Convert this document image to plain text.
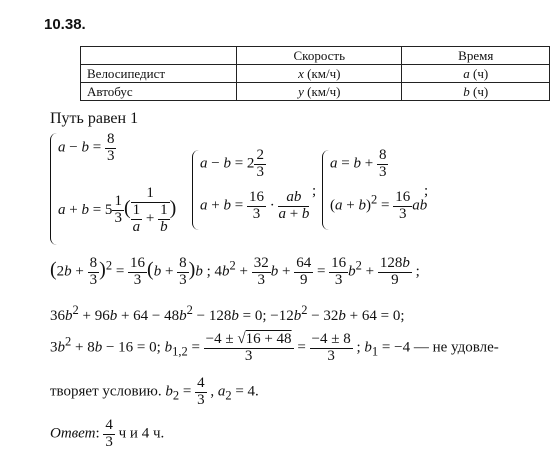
10.38.
	Скорость	Время
Велосипедист	x (км/ч)	a (ч)
Автобус	y (км/ч)	b (ч)
Путь равен 1
$a - b = \frac{8}{3}$
$a + b = 5 \frac{1}{3}$ ( $\frac{1}{\frac{1}{a} + \frac{1}{b}}$ )
$a - b = 2 \frac{2}{3}$
$a + b = \frac{16}{3} \cdot \frac{ab}{a + b}$ ;
$a = b + \frac{8}{3}$
$(a + b)^2 = \frac{16}{3}$ ab
;
$(2b + \frac{8}{3} )^2 = \frac{16}{3} (b + \frac{8}{3} )b$ ; $4b^2 + \frac{32}{3}$ $b + \frac{64}{9} = \frac{16}{3} b^2 + \frac{128b}{9}$ ;
$36b^2 + 96b + 64 - 48b^2 - 128b = 0$; $-12b^2 - 32b + 64 = 0$;
$3b^2 + 8b - 16 = 0$; $b_{1,2} = \frac{-4 \pm √16 + 48}{3} = \frac{-4 \pm 8}{3}$ ; $b_1 = -4$ — не удовле-
творяет условию. $b_2 = \frac{4}{3}$ , $a_2 = 4$.
Ответ: $\frac{4}{3}$ ч и 4 ч.
